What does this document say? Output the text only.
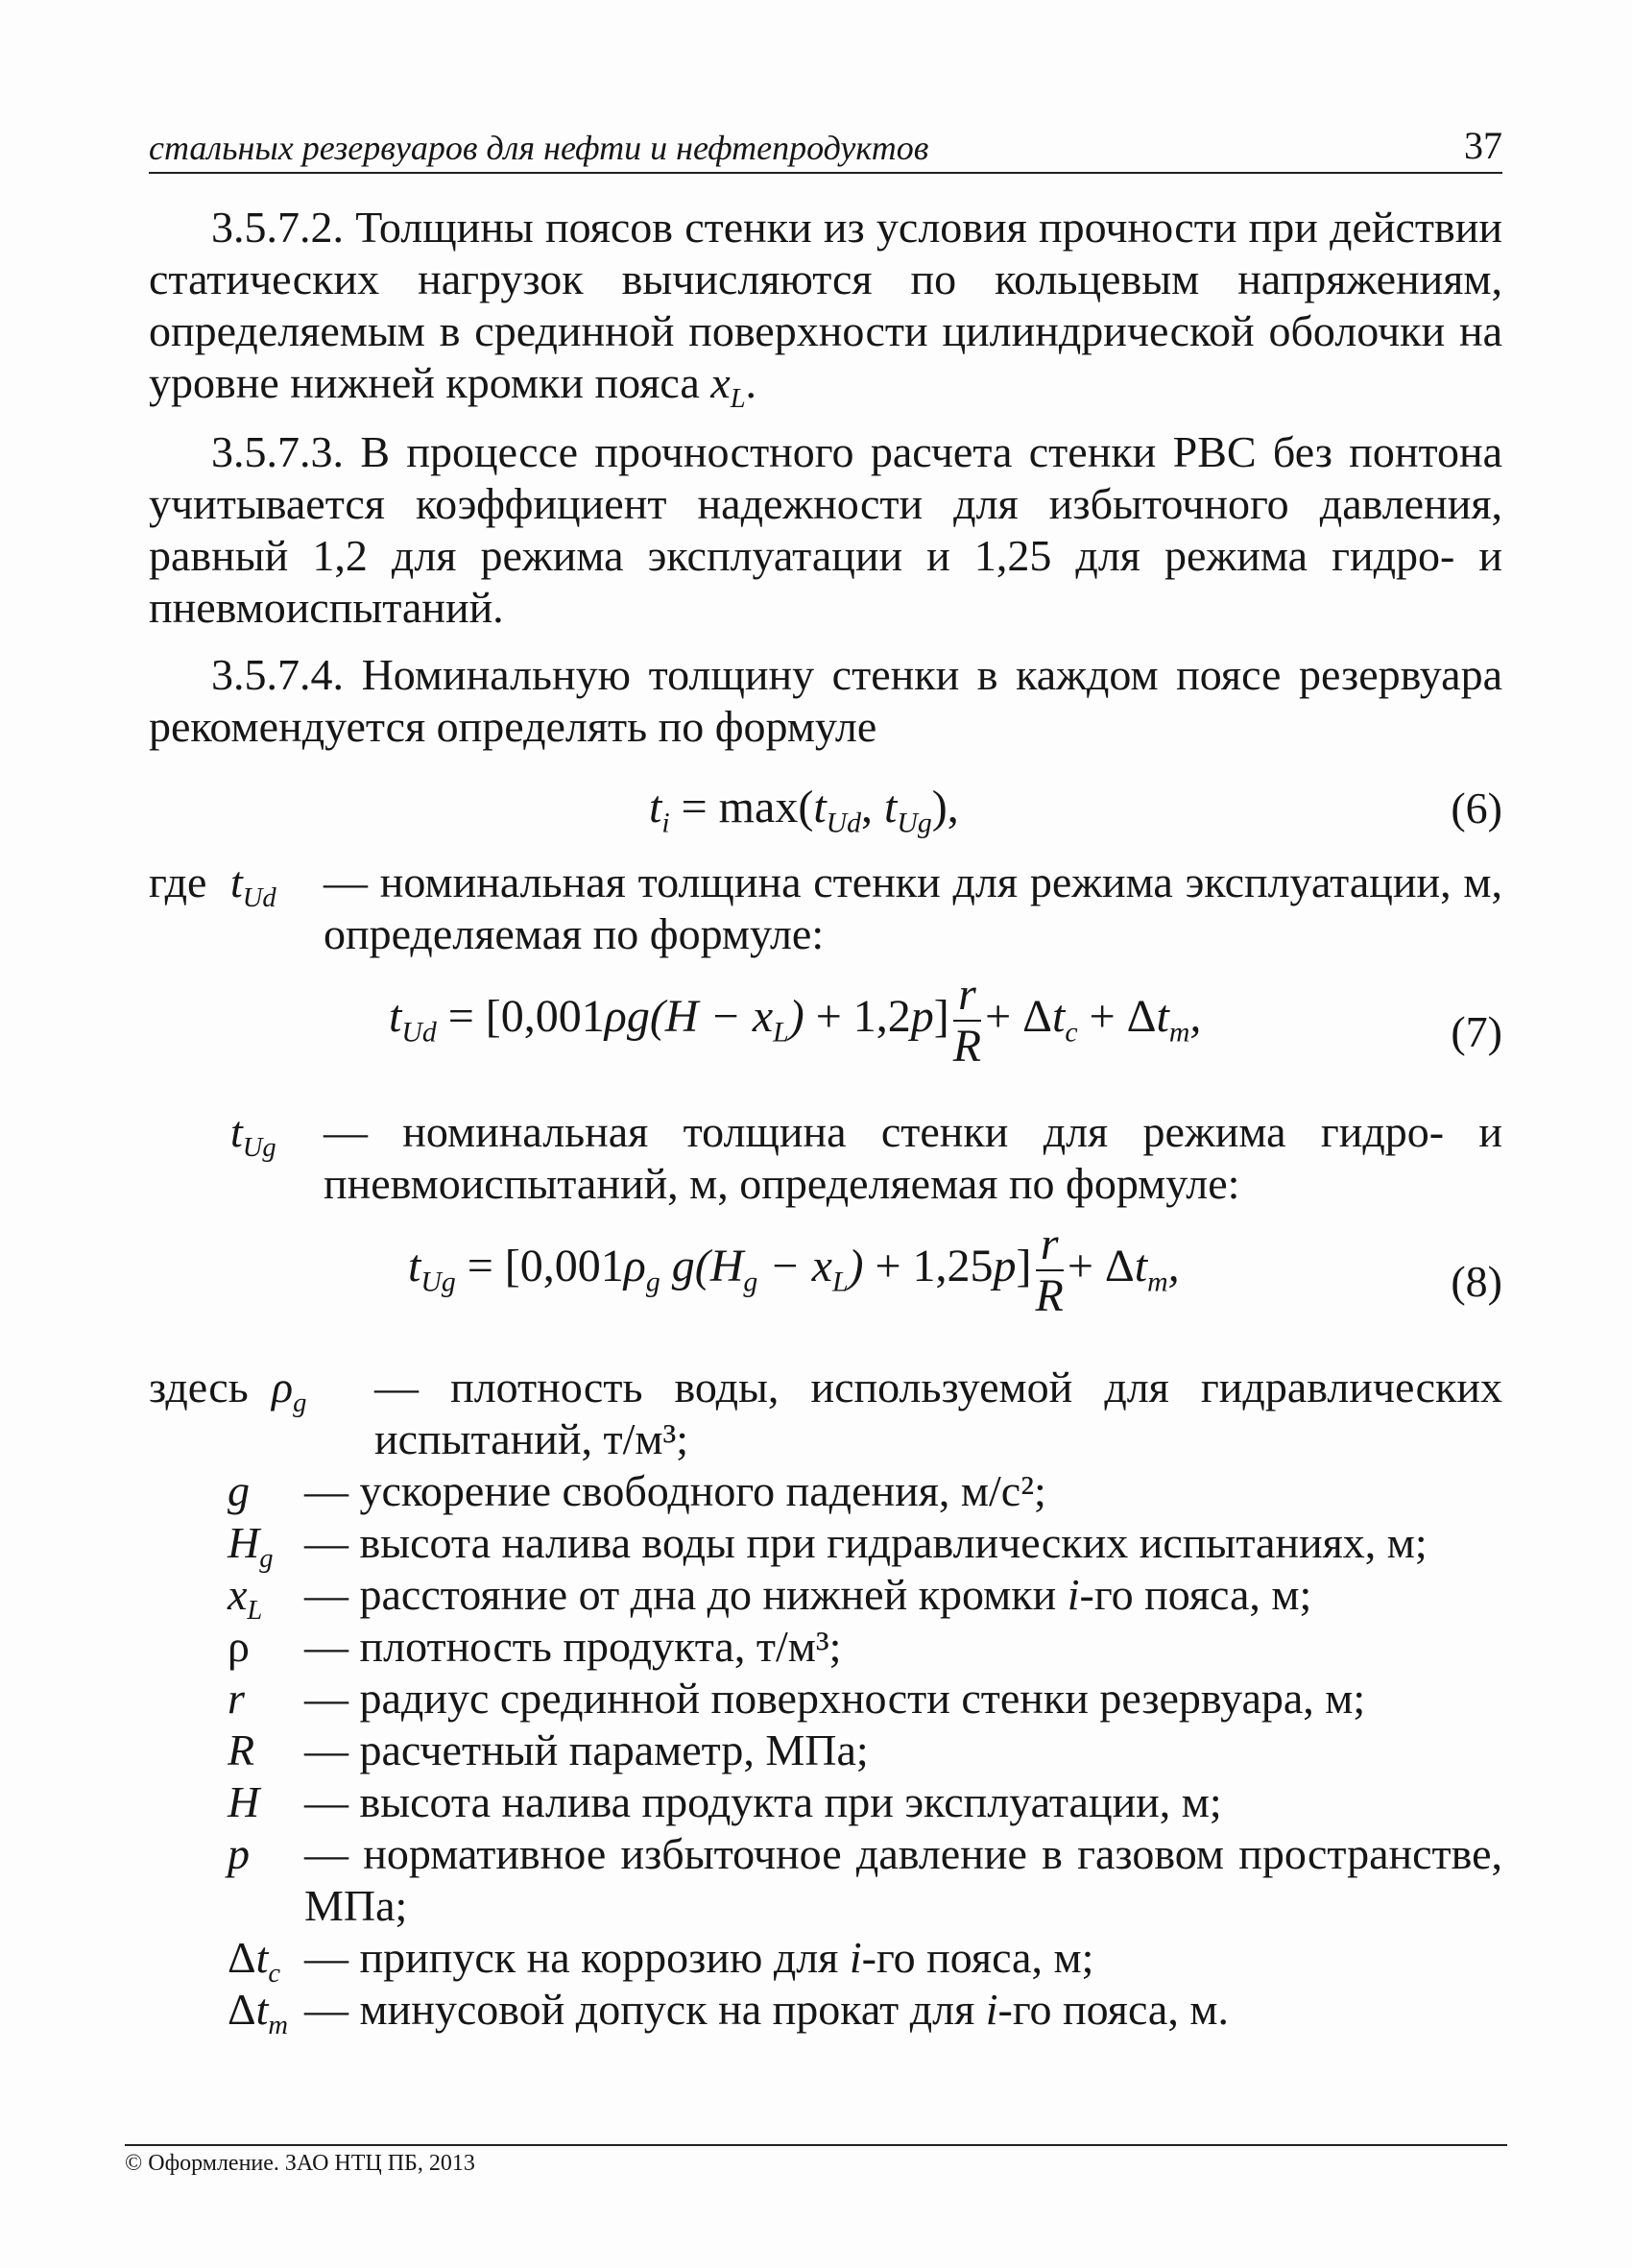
стальных резервуаров для нефти и нефтепродуктов	37
3.5.7.2. Толщины поясов стенки из условия прочности при действии статических нагрузок вычисляются по кольцевым напряжениям, определяемым в срединной поверхности цилиндрической оболочки на уровне нижней кромки пояса $x_L$.
3.5.7.3. В процессе прочностного расчета стенки РВС без понтона учитывается коэффициент надежности для избыточного давления, равный 1,2 для режима эксплуатации и 1,25 для режима гидро- и пневмоиспытаний.
3.5.7.4. Номинальную толщину стенки в каждом поясе резервуара рекомендуется определять по формуле
$t_i = \max(t_{Ud}$, $t_{Ug}$),	(6)
где $t_{Ud}$ — номинальная толщина стенки для режима эксплуатации, м, определяемая по формуле:
$t_{Ud} = [0,001\rho g(H - x_L) + 1,2p] \frac{r}{R} + \Delta t_c + \Delta t_m$,	(7)
$t_{Ug}$ — номинальная толщина стенки для режима гидро- и пневмоиспытаний, м, определяемая по формуле:
$t_{Ug} = [0,001\rho_g$ $g(H_g - x_L) + 1,25p] \frac{r}{R} + \Delta t_m$,	(8)
здесь $\rho_g$ — плотность воды, используемой для гидравлических испытаний, т/м³;
g — ускорение свободного падения, м/с²;
$H_g$ — высота налива воды при гидравлических испытаниях, м;
$x_L$ — расстояние от дна до нижней кромки i-го пояса, м;
ρ — плотность продукта, т/м³;
r — радиус срединной поверхности стенки резервуара, м;
R — расчетный параметр, МПа;
H — высота налива продукта при эксплуатации, м;
p — нормативное избыточное давление в газовом пространстве, МПа;
$\Delta t_c$ — припуск на коррозию для i-го пояса, м;
$\Delta t_m$ — минусовой допуск на прокат для i-го пояса, м.
© Оформление. ЗАО НТЦ ПБ, 2013
